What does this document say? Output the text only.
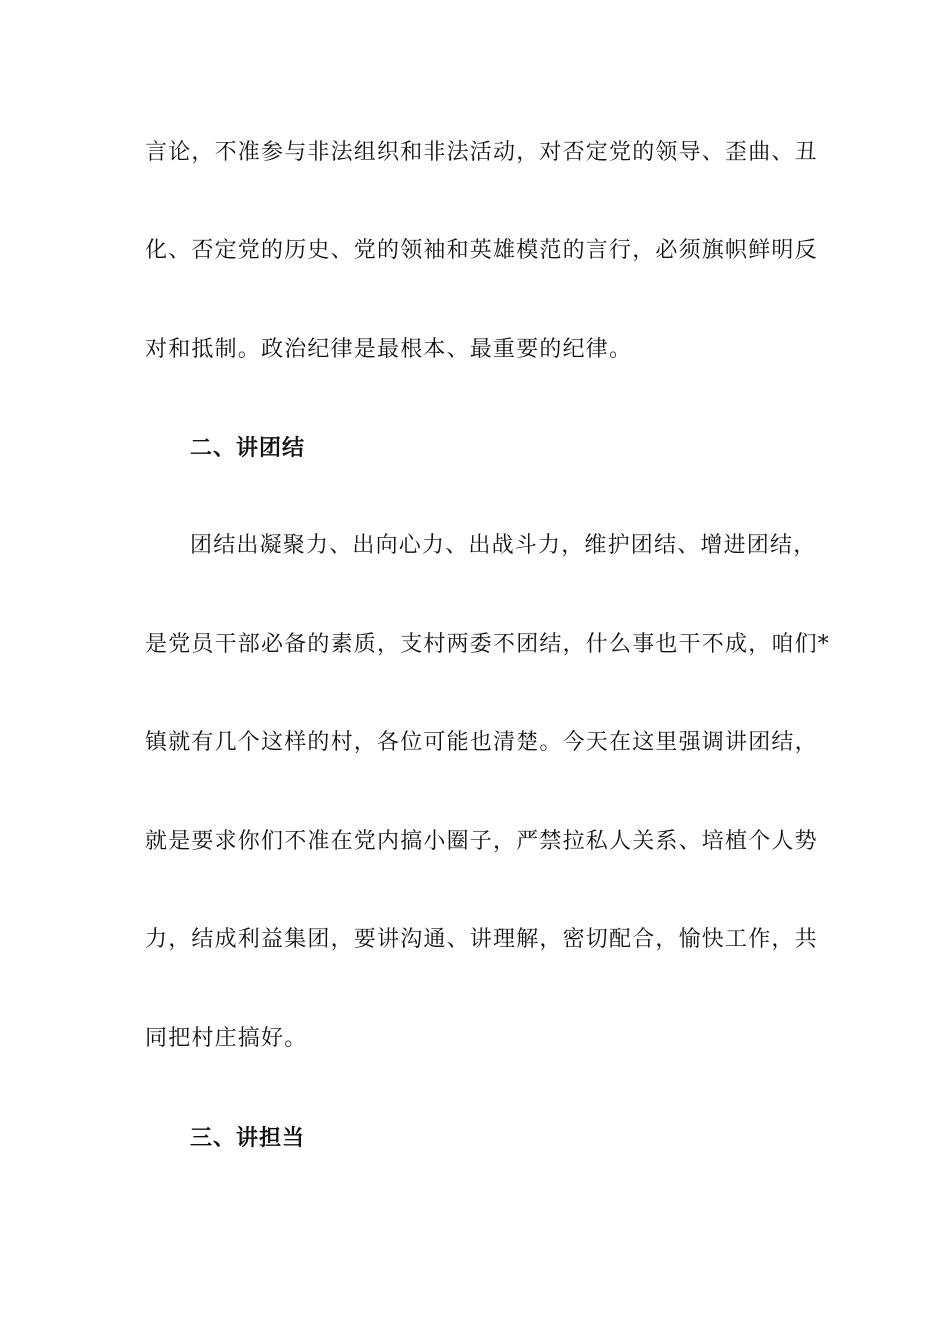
言论，不准参与非法组织和非法活动，对否定党的领导、歪曲、丑
化、否定党的历史、党的领袖和英雄模范的言行，必须旗帜鲜明反
对和抵制。政治纪律是最根本、最重要的纪律。
二、讲团结
团结出凝聚力、出向心力、出战斗力，维护团结、增进团结，
是党员干部必备的素质，支村两委不团结，什么事也干不成，咱们*
镇就有几个这样的村，各位可能也清楚。今天在这里强调讲团结，
就是要求你们不准在党内搞小圈子，严禁拉私人关系、培植个人势
力，结成利益集团，要讲沟通、讲理解，密切配合，愉快工作，共
同把村庄搞好。
三、讲担当
